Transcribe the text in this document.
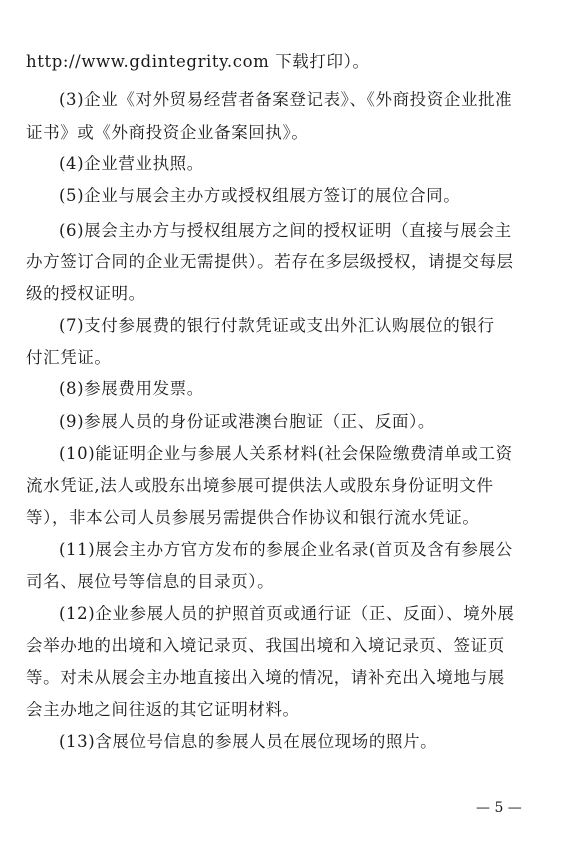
http://www.gdintegrity.com 下载打印）。
(3)企业《对外贸易经营者备案登记表》、《外商投资企业批准
证书》或《外商投资企业备案回执》。
(4)企业营业执照。
(5)企业与展会主办方或授权组展方签订的展位合同。
(6)展会主办方与授权组展方之间的授权证明（直接与展会主
办方签订合同的企业无需提供）。若存在多层级授权，请提交每层
级的授权证明。
(7)支付参展费的银行付款凭证或支出外汇认购展位的银行
付汇凭证。
(8)参展费用发票。
(9)参展人员的身份证或港澳台胞证（正、反面）。
(10)能证明企业与参展人关系材料(社会保险缴费清单或工资
流水凭证,法人或股东出境参展可提供法人或股东身份证明文件
等），非本公司人员参展另需提供合作协议和银行流水凭证。
(11)展会主办方官方发布的参展企业名录(首页及含有参展公
司名、展位号等信息的目录页）。
(12)企业参展人员的护照首页或通行证（正、反面）、境外展
会举办地的出境和入境记录页、我国出境和入境记录页、签证页
等。对未从展会主办地直接出入境的情况，请补充出入境地与展
会主办地之间往返的其它证明材料。
(13)含展位号信息的参展人员在展位现场的照片。
— 5 —
